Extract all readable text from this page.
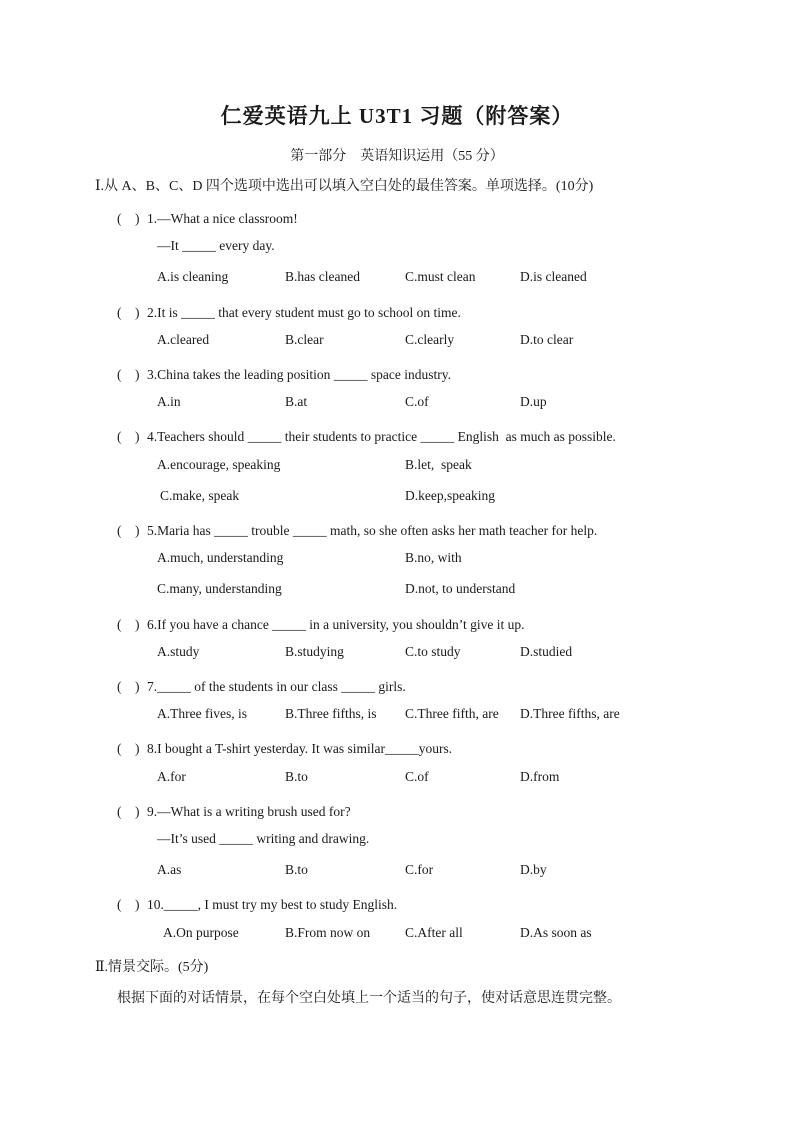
仁爱英语九上 U3T1 习题（附答案）
第一部分　英语知识运用（55 分）
Ⅰ.从 A、B、C、D 四个选项中选出可以填入空白处的最佳答案。单项选择。(10分)
(　) 1.—What a nice classroom!
—It _____ every day.
A.is cleaning	B.has cleaned	C.must clean	D.is cleaned
(　) 2.It is _____ that every student must go to school on time.
A.cleared	B.clear	C.clearly	D.to clear
(　) 3.China takes the leading position _____ space industry.
A.in	B.at	C.of	D.up
(　) 4.Teachers should _____ their students to practice _____ English  as much as possible.
A.encourage, speaking	B.let,  speak
C.make, speak	D.keep,speaking
(　) 5.Maria has _____ trouble _____ math, so she often asks her math teacher for help.
A.much, understanding	B.no, with
C.many, understanding	D.not, to understand
(　) 6.If you have a chance _____ in a university, you shouldn’t give it up.
A.study	B.studying	C.to study	D.studied
(　) 7._____ of the students in our class _____ girls.
A.Three fives, is	B.Three fifths, is C.Three fifth, are D.Three fifths, are
(　) 8.I bought a T-shirt yesterday. It was similar_____yours.
A.for	B.to	C.of	D.from
(　) 9.—What is a writing brush used for?
—It’s used _____ writing and drawing.
A.as	B.to	C.for	D.by
(　) 10._____, I must try my best to study English.
A.On purpose	B.From now on	C.After all	D.As soon as
Ⅱ.情景交际。(5分)
根据下面的对话情景，在每个空白处填上一个适当的句子，使对话意思连贯完整。
